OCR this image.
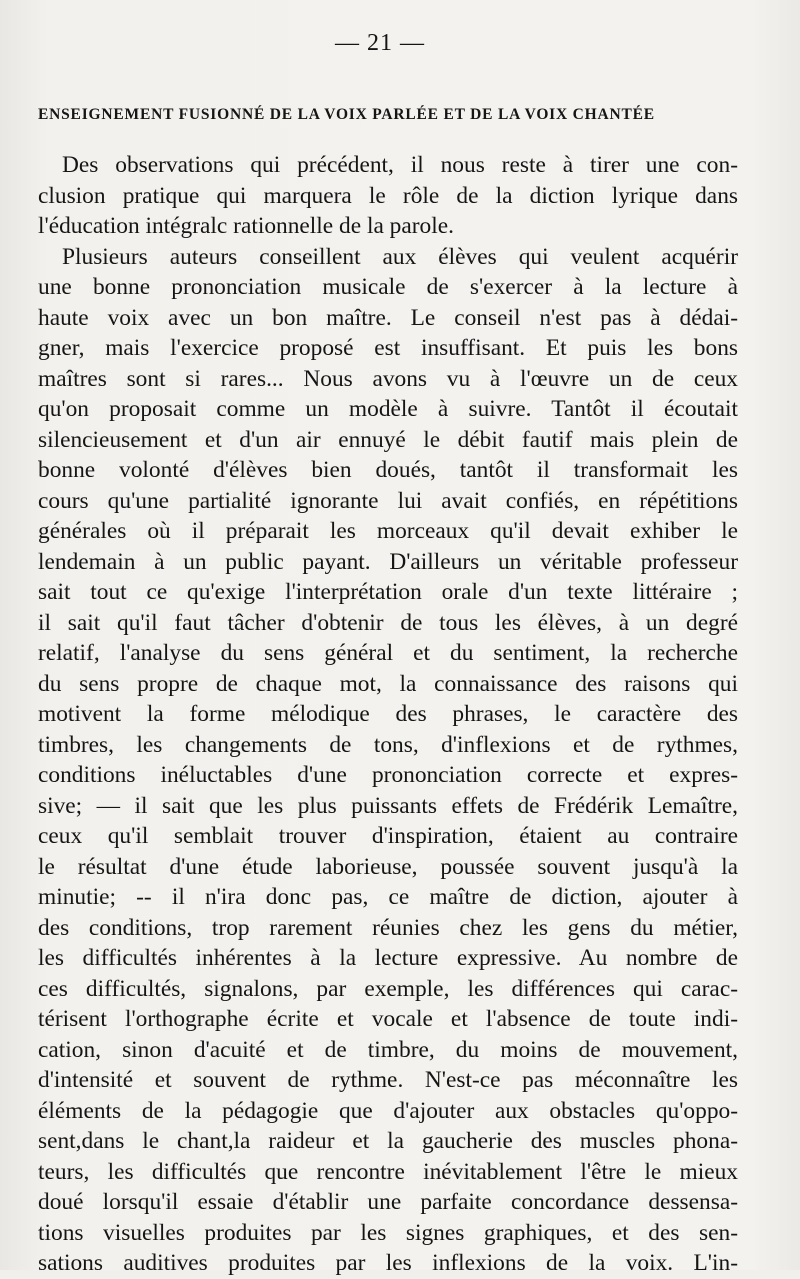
— 21 —
ENSEIGNEMENT FUSIONNÉ DE LA VOIX PARLÉE ET DE LA VOIX CHANTÉE
Des observations qui précédent, il nous reste à tirer une con-
clusion pratique qui marquera le rôle de la diction lyrique dans
l'éducation intégralc rationnelle de la parole.
Plusieurs auteurs conseillent aux élèves qui veulent acquérir
une bonne prononciation musicale de s'exercer à la lecture à
haute voix avec un bon maître. Le conseil n'est pas à dédai-
gner, mais l'exercice proposé est insuffisant. Et puis les bons
maîtres sont si rares... Nous avons vu à l'œuvre un de ceux
qu'on proposait comme un modèle à suivre. Tantôt il écoutait
silencieusement et d'un air ennuyé le débit fautif mais plein de
bonne volonté d'élèves bien doués, tantôt il transformait les
cours qu'une partialité ignorante lui avait confiés, en répétitions
générales où il préparait les morceaux qu'il devait exhiber le
lendemain à un public payant. D'ailleurs un véritable professeur
sait tout ce qu'exige l'interprétation orale d'un texte littéraire ;
il sait qu'il faut tâcher d'obtenir de tous les élèves, à un degré
relatif, l'analyse du sens général et du sentiment, la recherche
du sens propre de chaque mot, la connaissance des raisons qui
motivent la forme mélodique des phrases, le caractère des
timbres, les changements de tons, d'inflexions et de rythmes,
conditions inéluctables d'une prononciation correcte et expres-
sive; — il sait que les plus puissants effets de Frédérik Lemaître,
ceux qu'il semblait trouver d'inspiration, étaient au contraire
le résultat d'une étude laborieuse, poussée souvent jusqu'à la
minutie; -- il n'ira donc pas, ce maître de diction, ajouter à
des conditions, trop rarement réunies chez les gens du métier,
les difficultés inhérentes à la lecture expressive. Au nombre de
ces difficultés, signalons, par exemple, les différences qui carac-
térisent l'orthographe écrite et vocale et l'absence de toute indi-
cation, sinon d'acuité et de timbre, du moins de mouvement,
d'intensité et souvent de rythme. N'est-ce pas méconnaître les
éléments de la pédagogie que d'ajouter aux obstacles qu'oppo-
sent,dans le chant,la raideur et la gaucherie des muscles phona-
teurs, les difficultés que rencontre inévitablement l'être le mieux
doué lorsqu'il essaie d'établir une parfaite concordance dessensa-
tions visuelles produites par les signes graphiques, et des sen-
sations auditives produites par les inflexions de la voix. L'in-
